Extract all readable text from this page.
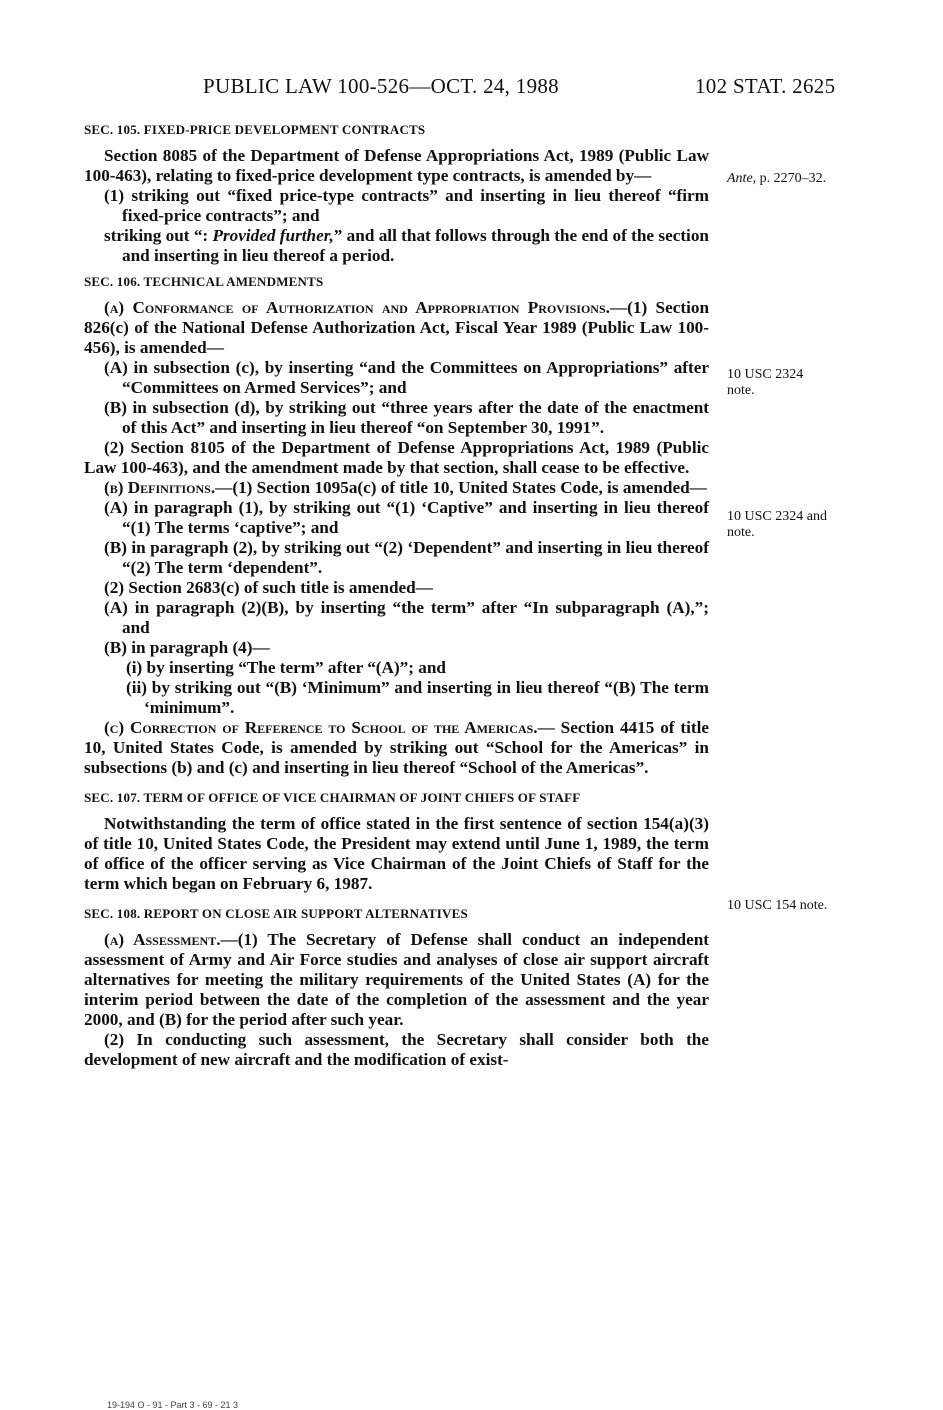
PUBLIC LAW 100-526—OCT. 24, 1988	102 STAT. 2625
SEC. 105. FIXED-PRICE DEVELOPMENT CONTRACTS

Section 8085 of the Department of Defense Appropriations Act, 1989 (Public Law 100-463), relating to fixed-price development type contracts, is amended by—

(1) striking out “fixed price-type contracts” and inserting in lieu thereof “firm fixed-price contracts”; and

striking out “: Provided further,” and all that follows through the end of the section and inserting in lieu thereof a period.

SEC. 106. TECHNICAL AMENDMENTS

(a) Conformance of Authorization and Appropriation Provisions.—(1) Section 826(c) of the National Defense Authorization Act, Fiscal Year 1989 (Public Law 100-456), is amended—

(A) in subsection (c), by inserting “and the Committees on Appropriations” after “Committees on Armed Services”; and

(B) in subsection (d), by striking out “three years after the date of the enactment of this Act” and inserting in lieu thereof “on September 30, 1991”.

(2) Section 8105 of the Department of Defense Appropriations Act, 1989 (Public Law 100-463), and the amendment made by that section, shall cease to be effective.

(b) Definitions.—(1) Section 1095a(c) of title 10, United States Code, is amended—

(A) in paragraph (1), by striking out “(1) ‘Captive” and inserting in lieu thereof “(1) The terms ‘captive”; and

(B) in paragraph (2), by striking out “(2) ‘Dependent” and inserting in lieu thereof “(2) The term ‘dependent”.

(2) Section 2683(c) of such title is amended—

(A) in paragraph (2)(B), by inserting “the term” after “In subparagraph (A),”; and

(B) in paragraph (4)—

(i) by inserting “The term” after “(A)”; and

(ii) by striking out “(B) ‘Minimum” and inserting in lieu thereof “(B) The term ‘minimum”.

(c) Correction of Reference to School of the Americas.— Section 4415 of title 10, United States Code, is amended by striking out “School for the Americas” in subsections (b) and (c) and inserting in lieu thereof “School of the Americas”.

SEC. 107. TERM OF OFFICE OF VICE CHAIRMAN OF JOINT CHIEFS OF STAFF

Notwithstanding the term of office stated in the first sentence of section 154(a)(3) of title 10, United States Code, the President may extend until June 1, 1989, the term of office of the officer serving as Vice Chairman of the Joint Chiefs of Staff for the term which began on February 6, 1987.

SEC. 108. REPORT ON CLOSE AIR SUPPORT ALTERNATIVES

(a) Assessment.—(1) The Secretary of Defense shall conduct an independent assessment of Army and Air Force studies and analyses of close air support aircraft alternatives for meeting the military requirements of the United States (A) for the interim period between the date of the completion of the assessment and the year 2000, and (B) for the period after such year.

(2) In conducting such assessment, the Secretary shall consider both the development of new aircraft and the modification of exist-

Ante, p. 2270–32.
10 USC 2324 note.
10 USC 2324 and note.
10 USC 154 note.
19-194 O - 91 - Part 3 - 69 - 21 3
